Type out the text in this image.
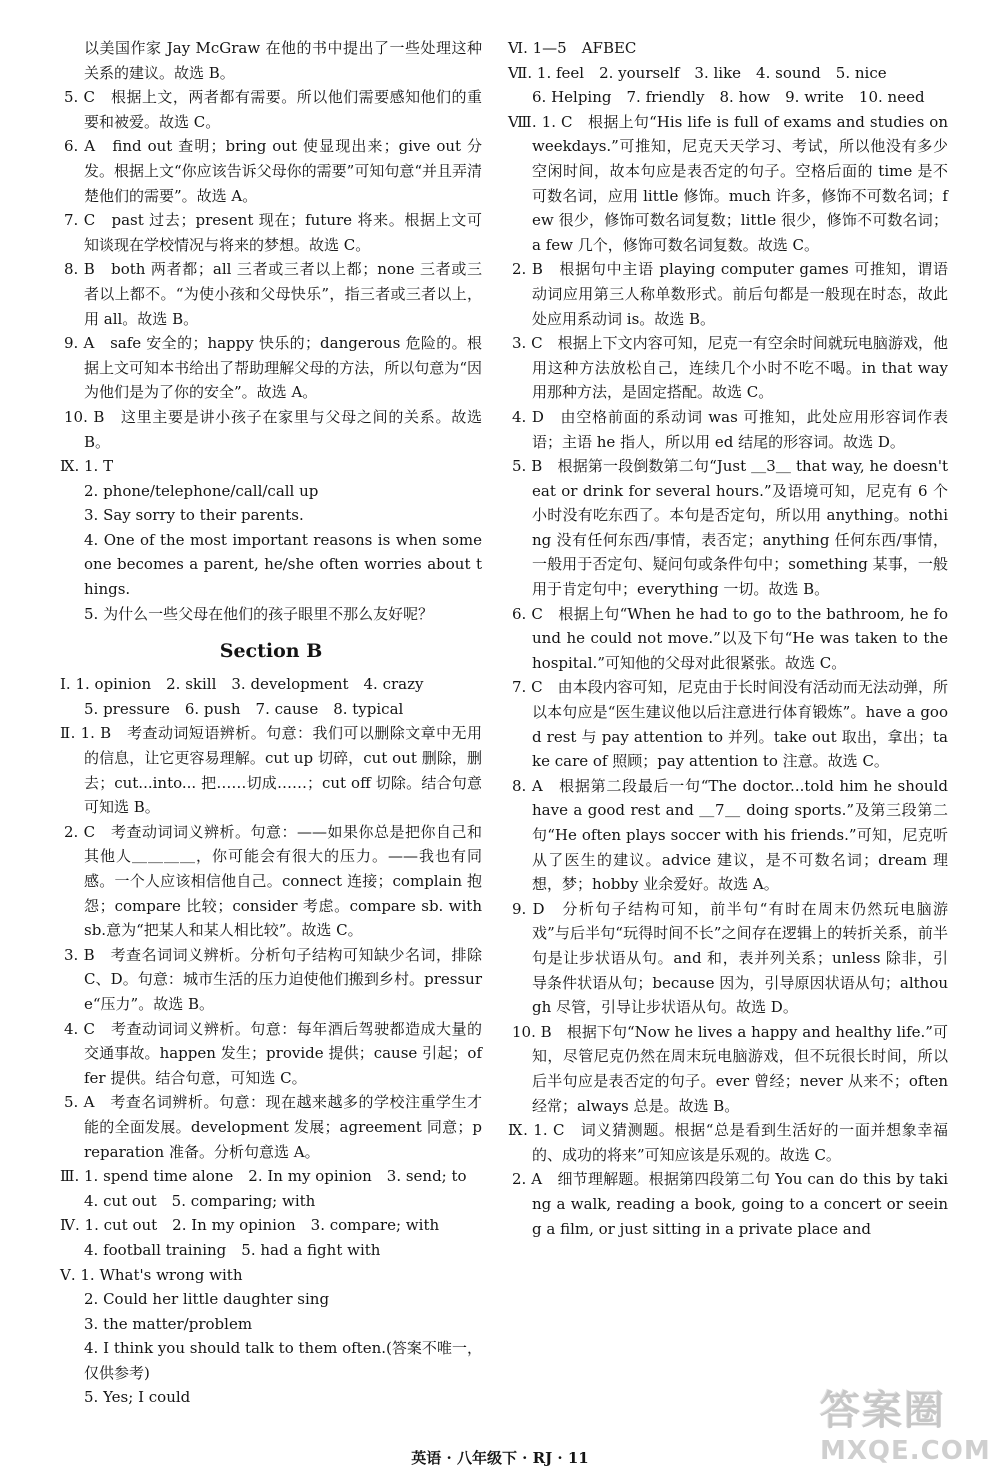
以美国作家 Jay McGraw 在他的书中提出了一些处理这种关系的建议。故选 B。

5. C　根据上文，两者都有需要。所以他们需要感知他们的重要和被爱。故选 C。

6. A　find out 查明；bring out 使显现出来；give out 分发。根据上文“你应该告诉父母你的需要”可知句意“并且弄清楚他们的需要”。故选 A。

7. C　past 过去；present 现在；future 将来。根据上文可知谈现在学校情况与将来的梦想。故选 C。

8. B　both 两者都；all 三者或三者以上都；none 三者或三者以上都不。“为使小孩和父母快乐”，指三者或三者以上，用 all。故选 B。

9. A　safe 安全的；happy 快乐的；dangerous 危险的。根据上文可知本书给出了帮助理解父母的方法，所以句意为“因为他们是为了你的安全”。故选 A。

10. B　这里主要是讲小孩子在家里与父母之间的关系。故选 B。

Ⅸ. 1. T

2. phone/telephone/call/call up

3. Say sorry to their parents.

4. One of the most important reasons is when someone becomes a parent, he/she often worries about things.

5. 为什么一些父母在他们的孩子眼里不那么友好呢？

Section B

Ⅰ. 1. opinion　2. skill　3. development　4. crazy

5. pressure　6. push　7. cause　8. typical

Ⅱ. 1. B　考查动词短语辨析。句意：我们可以删除文章中无用的信息，让它更容易理解。cut up 切碎，cut out 删除，删去；cut...into... 把……切成……；cut off 切除。结合句意可知选 B。

2. C　考查动词词义辨析。句意：——如果你总是把你自己和其他人＿＿＿＿，你可能会有很大的压力。——我也有同感。一个人应该相信他自己。connect 连接；complain 抱怨；compare 比较；consider 考虑。compare sb. with sb.意为“把某人和某人相比较”。故选 C。

3. B　考查名词词义辨析。分析句子结构可知缺少名词，排除 C、D。句意：城市生活的压力迫使他们搬到乡村。pressure“压力”。故选 B。

4. C　考查动词词义辨析。句意：每年酒后驾驶都造成大量的交通事故。happen 发生；provide 提供；cause 引起；offer 提供。结合句意，可知选 C。

5. A　考查名词辨析。句意：现在越来越多的学校注重学生才能的全面发展。development 发展；agreement 同意；preparation 准备。分析句意选 A。

Ⅲ. 1. spend time alone　2. In my opinion　3. send; to

4. cut out　5. comparing; with

Ⅳ. 1. cut out　2. In my opinion　3. compare; with

4. football training　5. had a fight with

Ⅴ. 1. What's wrong with

2. Could her little daughter sing

3. the matter/problem

4. I think you should talk to them often.(答案不唯一，仅供参考)

5. Yes; I could

Ⅵ. 1—5　AFBEC

Ⅶ. 1. feel　2. yourself　3. like　4. sound　5. nice

6. Helping　7. friendly　8. how　9. write　10. need

Ⅷ. 1. C　根据上句“His life is full of exams and studies on weekdays.”可推知，尼克天天学习、考试，所以他没有多少空闲时间，故本句应是表否定的句子。空格后面的 time 是不可数名词，应用 little 修饰。much 许多，修饰不可数名词；few 很少，修饰可数名词复数；little 很少，修饰不可数名词；a few 几个，修饰可数名词复数。故选 C。

2. B　根据句中主语 playing computer games 可推知，谓语动词应用第三人称单数形式。前后句都是一般现在时态，故此处应用系动词 is。故选 B。

3. C　根据上下文内容可知，尼克一有空余时间就玩电脑游戏，他用这种方法放松自己，连续几个小时不吃不喝。in that way 用那种方法，是固定搭配。故选 C。

4. D　由空格前面的系动词 was 可推知，此处应用形容词作表语；主语 he 指人，所以用 ed 结尾的形容词。故选 D。

5. B　根据第一段倒数第二句“Just ＿3＿ that way, he doesn't eat or drink for several hours.”及语境可知，尼克有 6 个小时没有吃东西了。本句是否定句，所以用 anything。nothing 没有任何东西/事情，表否定；anything 任何东西/事情，一般用于否定句、疑问句或条件句中；something 某事，一般用于肯定句中；everything 一切。故选 B。

6. C　根据上句“When he had to go to the bathroom, he found he could not move.”以及下句“He was taken to the hospital.”可知他的父母对此很紧张。故选 C。

7. C　由本段内容可知，尼克由于长时间没有活动而无法动弹，所以本句应是“医生建议他以后注意进行体育锻炼”。have a good rest 与 pay attention to 并列。take out 取出，拿出；take care of 照顾；pay attention to 注意。故选 C。

8. A　根据第二段最后一句“The doctor...told him he should have a good rest and ＿7＿ doing sports.”及第三段第二句“He often plays soccer with his friends.”可知，尼克听从了医生的建议。advice 建议，是不可数名词；dream 理想，梦；hobby 业余爱好。故选 A。

9. D　分析句子结构可知，前半句“有时在周末仍然玩电脑游戏”与后半句“玩得时间不长”之间存在逻辑上的转折关系，前半句是让步状语从句。and 和，表并列关系；unless 除非，引导条件状语从句；because 因为，引导原因状语从句；although 尽管，引导让步状语从句。故选 D。

10. B　根据下句“Now he lives a happy and healthy life.”可知，尽管尼克仍然在周末玩电脑游戏，但不玩很长时间，所以后半句应是表否定的句子。ever 曾经；never 从来不；often 经常；always 总是。故选 B。

Ⅸ. 1. C　词义猜测题。根据“总是看到生活好的一面并想象幸福的、成功的将来”可知应该是乐观的。故选 C。

2. A　细节理解题。根据第四段第二句 You can do this by taking a walk, reading a book, going to a concert or seeing a film, or just sitting in a private place and

英语 · 八年级下 · RJ · 11
答案圈
MXQE.COM
